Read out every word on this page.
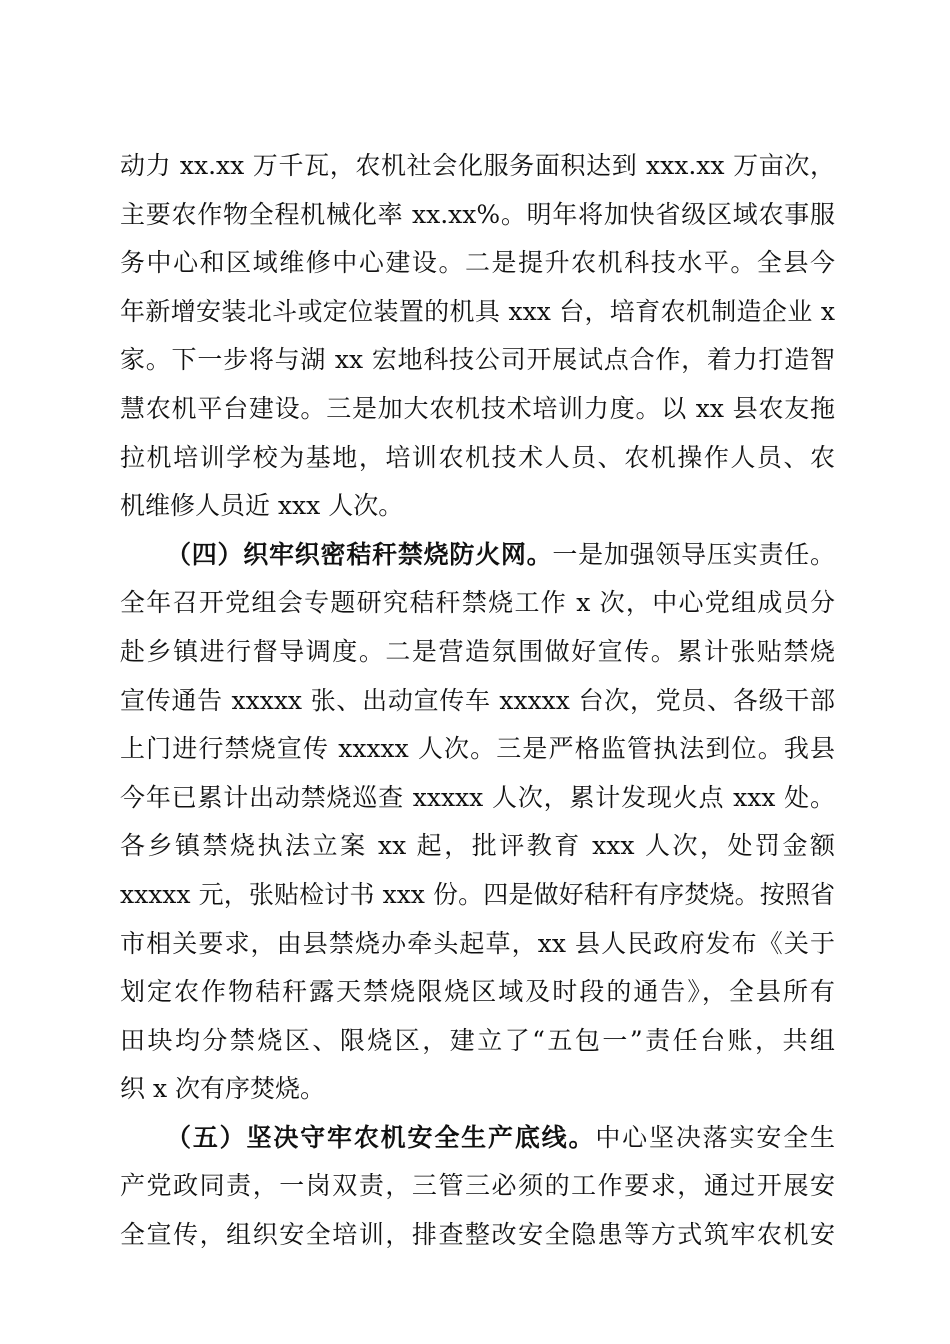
动力 xx.xx 万千瓦，农机社会化服务面积达到 xxx.xx 万亩次，
主要农作物全程机械化率 xx.xx%。明年将加快省级区域农事服
务中心和区域维修中心建设。二是提升农机科技水平。全县今
年新增安装北斗或定位装置的机具 xxx 台，培育农机制造企业 x
家。下一步将与湖 xx 宏地科技公司开展试点合作，着力打造智
慧农机平台建设。三是加大农机技术培训力度。以 xx 县农友拖
拉机培训学校为基地，培训农机技术人员、农机操作人员、农
机维修人员近 xxx 人次。
（四）织牢织密秸秆禁烧防火网。一是加强领导压实责任。
全年召开党组会专题研究秸秆禁烧工作 x 次，中心党组成员分
赴乡镇进行督导调度。二是营造氛围做好宣传。累计张贴禁烧
宣传通告 xxxxx 张、出动宣传车 xxxxx 台次，党员、各级干部
上门进行禁烧宣传 xxxxx 人次。三是严格监管执法到位。我县
今年已累计出动禁烧巡查 xxxxx 人次，累计发现火点 xxx 处。
各乡镇禁烧执法立案 xx 起，批评教育 xxx 人次，处罚金额
xxxxx 元，张贴检讨书 xxx 份。四是做好秸秆有序焚烧。按照省
市相关要求，由县禁烧办牵头起草，xx 县人民政府发布《关于
划定农作物秸秆露天禁烧限烧区域及时段的通告》，全县所有
田块均分禁烧区、限烧区，建立了“五包一”责任台账，共组
织 x 次有序焚烧。
（五）坚决守牢农机安全生产底线。中心坚决落实安全生
产党政同责，一岗双责，三管三必须的工作要求，通过开展安
全宣传，组织安全培训，排查整改安全隐患等方式筑牢农机安
